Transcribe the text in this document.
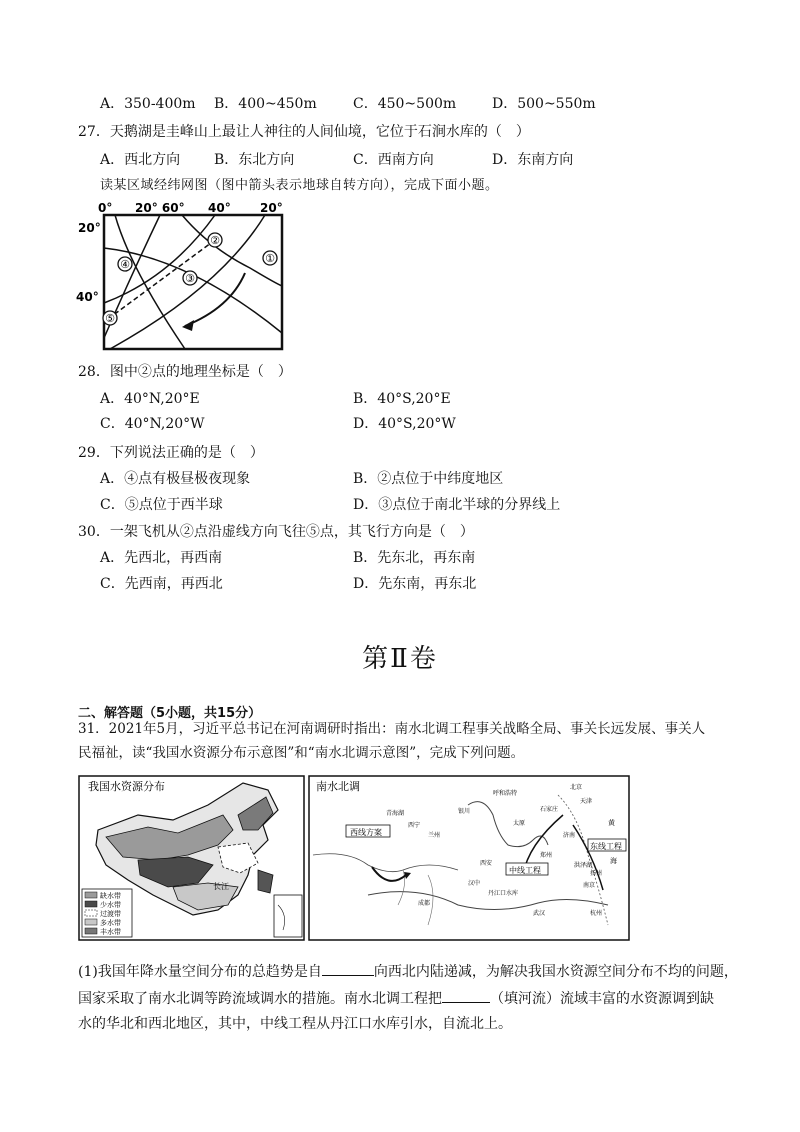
A．350-400m B．400~450m	C．450~500m	D．500~550m
27．天鹅湖是圭峰山上最让人神往的人间仙境，它位于石涧水库的（　）
A．西北方向 B．东北方向	C．西南方向	D．东南方向
读某区域经纬网图（图中箭头表示地球自转方向），完成下面小题。
0° 20° 60° 40° 20°
20°
40°
①
②
③
④
⑤
28．图中②点的地理坐标是（　）
A．40°N,20°E	B．40°S,20°E
C．40°N,20°W	D．40°S,20°W
29．下列说法正确的是（　）
A．④点有极昼极夜现象	B．②点位于中纬度地区
C．⑤点位于西半球	D．③点位于南北半球的分界线上
30．一架飞机从②点沿虚线方向飞往⑤点，其飞行方向是（　）
A．先西北，再西南	B．先东北，再东南
C．先西南，再西北	D．先东南，再东北
第Ⅱ卷
二、解答题（5小题，共15分）
31．2021年5月，习近平总书记在河南调研时指出：南水北调工程事关战略全局、事关长远发展、事关人
民福祉，读“我国水资源分布示意图”和“南水北调示意图”，完成下列问题。
我国水资源分布
长江
缺水带
少水带
过渡带
多水带
丰水带
南水北调
西线方案
中线工程
东线工程
青海湖
兰州
西宁
银川
呼和浩特
太原
石家庄
天津
北京
济南
郑州
西安
汉中
武汉
南京
扬州
杭州
成都
丹江口水库
洪泽湖
黄
海
(1)我国年降水量空间分布的总趋势是自	向西北内陆递减，为解决我国水资源空间分布不均的问题，
国家采取了南水北调等跨流域调水的措施。南水北调工程把	（填河流）流域丰富的水资源调到缺
水的华北和西北地区，其中，中线工程从丹江口水库引水，自流北上。
